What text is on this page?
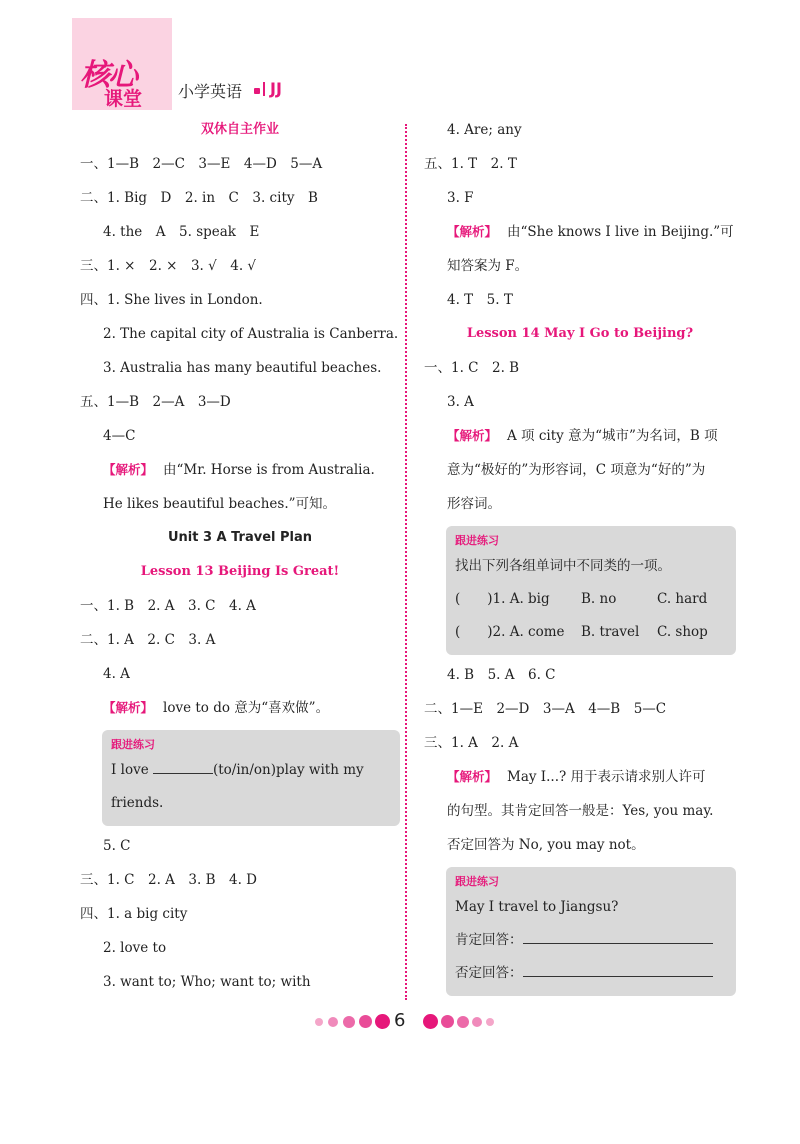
核心
课堂 小学英语 JJ
双休自主作业
一、1—B　2—C　3—E　4—D　5—A
二、1. Big　D　2. in　C　3. city　B
4. the　A　5. speak　E
三、1. ×　2. ×　3. √　4. √
四、1. She lives in London.
2. The capital city of Australia is Canberra.
3. Australia has many beautiful beaches.
五、1—B　2—A　3—D
4—C
【解析】 由“Mr. Horse is from Australia.
He likes beautiful beaches.”可知。
Unit 3 A Travel Plan
Lesson 13 Beijing Is Great!
一、1. B　2. A　3. C　4. A
二、1. A　2. C　3. A
4. A
【解析】 love to do 意为“喜欢做”。
跟进练习
I love	(to/in/on)play with my
friends.
5. C
三、1. C　2. A　3. B　4. D
四、1. a big city
2. love to
3. want to; Who; want to; with
4. Are; any
五、1. T　2. T
3. F
【解析】 由“She knows I live in Beijing.”可
知答案为 F。
4. T　5. T
Lesson 14 May I Go to Beijing?
一、1. C　2. B
3. A
【解析】 A 项 city 意为“城市”为名词，B 项
意为“极好的”为形容词，C 项意为“好的”为
形容词。
跟进练习
找出下列各组单词中不同类的一项。
(　　)1. A. big B. no	C. hard
(　　)2. A. come B. travel C. shop
4. B　5. A　6. C
二、1—E　2—D　3—A　4—B　5—C
三、1. A　2. A
【解析】 May I...? 用于表示请求别人许可
的句型。其肯定回答一般是：Yes, you may.
否定回答为 No, you may not。
跟进练习
May I travel to Jiangsu?
肯定回答：
否定回答：
6
